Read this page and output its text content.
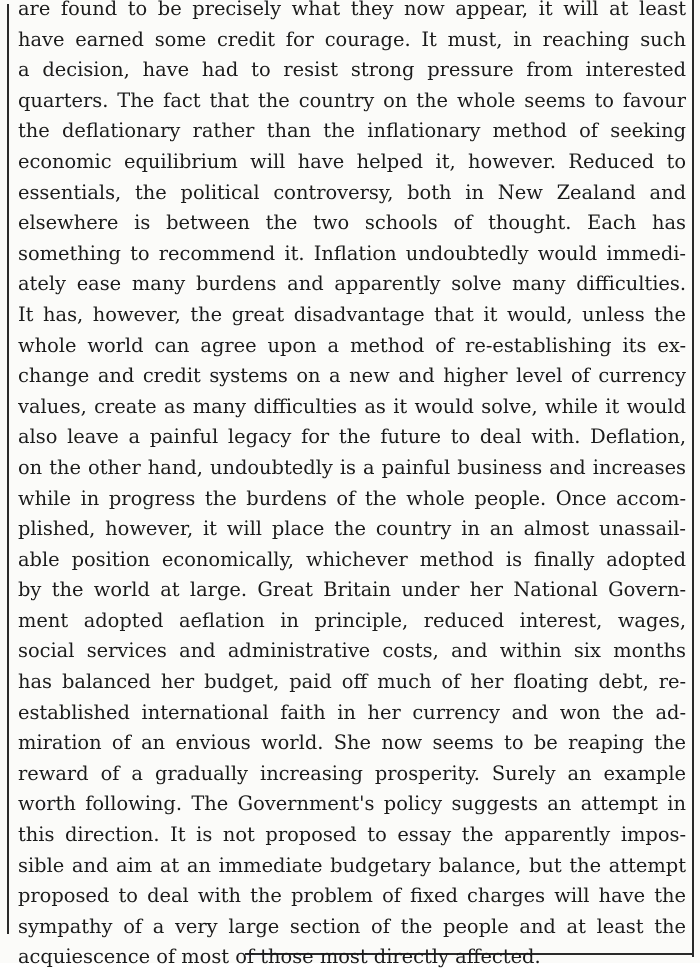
are found to be precisely what they now appear, it will at least
have earned some credit for courage. It must, in reaching such
a decision, have had to resist strong pressure from interested
quarters. The fact that the country on the whole seems to favour
the deflationary rather than the inflationary method of seeking
economic equilibrium will have helped it, however. Reduced to
essentials, the political controversy, both in New Zealand and
elsewhere is between the two schools of thought. Each has
something to recommend it. Inflation undoubtedly would immedi-
ately ease many burdens and apparently solve many difficulties.
It has, however, the great disadvantage that it would, unless the
whole world can agree upon a method of re-establishing its ex-
change and credit systems on a new and higher level of currency
values, create as many difficulties as it would solve, while it would
also leave a painful legacy for the future to deal with. Deflation,
on the other hand, undoubtedly is a painful business and increases
while in progress the burdens of the whole people. Once accom-
plished, however, it will place the country in an almost unassail-
able position economically, whichever method is finally adopted
by the world at large. Great Britain under her National Govern-
ment adopted aeflation in principle, reduced interest, wages,
social services and administrative costs, and within six months
has balanced her budget, paid off much of her floating debt, re-
established international faith in her currency and won the ad-
miration of an envious world. She now seems to be reaping the
reward of a gradually increasing prosperity. Surely an example
worth following. The Government's policy suggests an attempt in
this direction. It is not proposed to essay the apparently impos-
sible and aim at an immediate budgetary balance, but the attempt
proposed to deal with the problem of fixed charges will have the
sympathy of a very large section of the people and at least the
acquiescence of most of those most directly affected.
